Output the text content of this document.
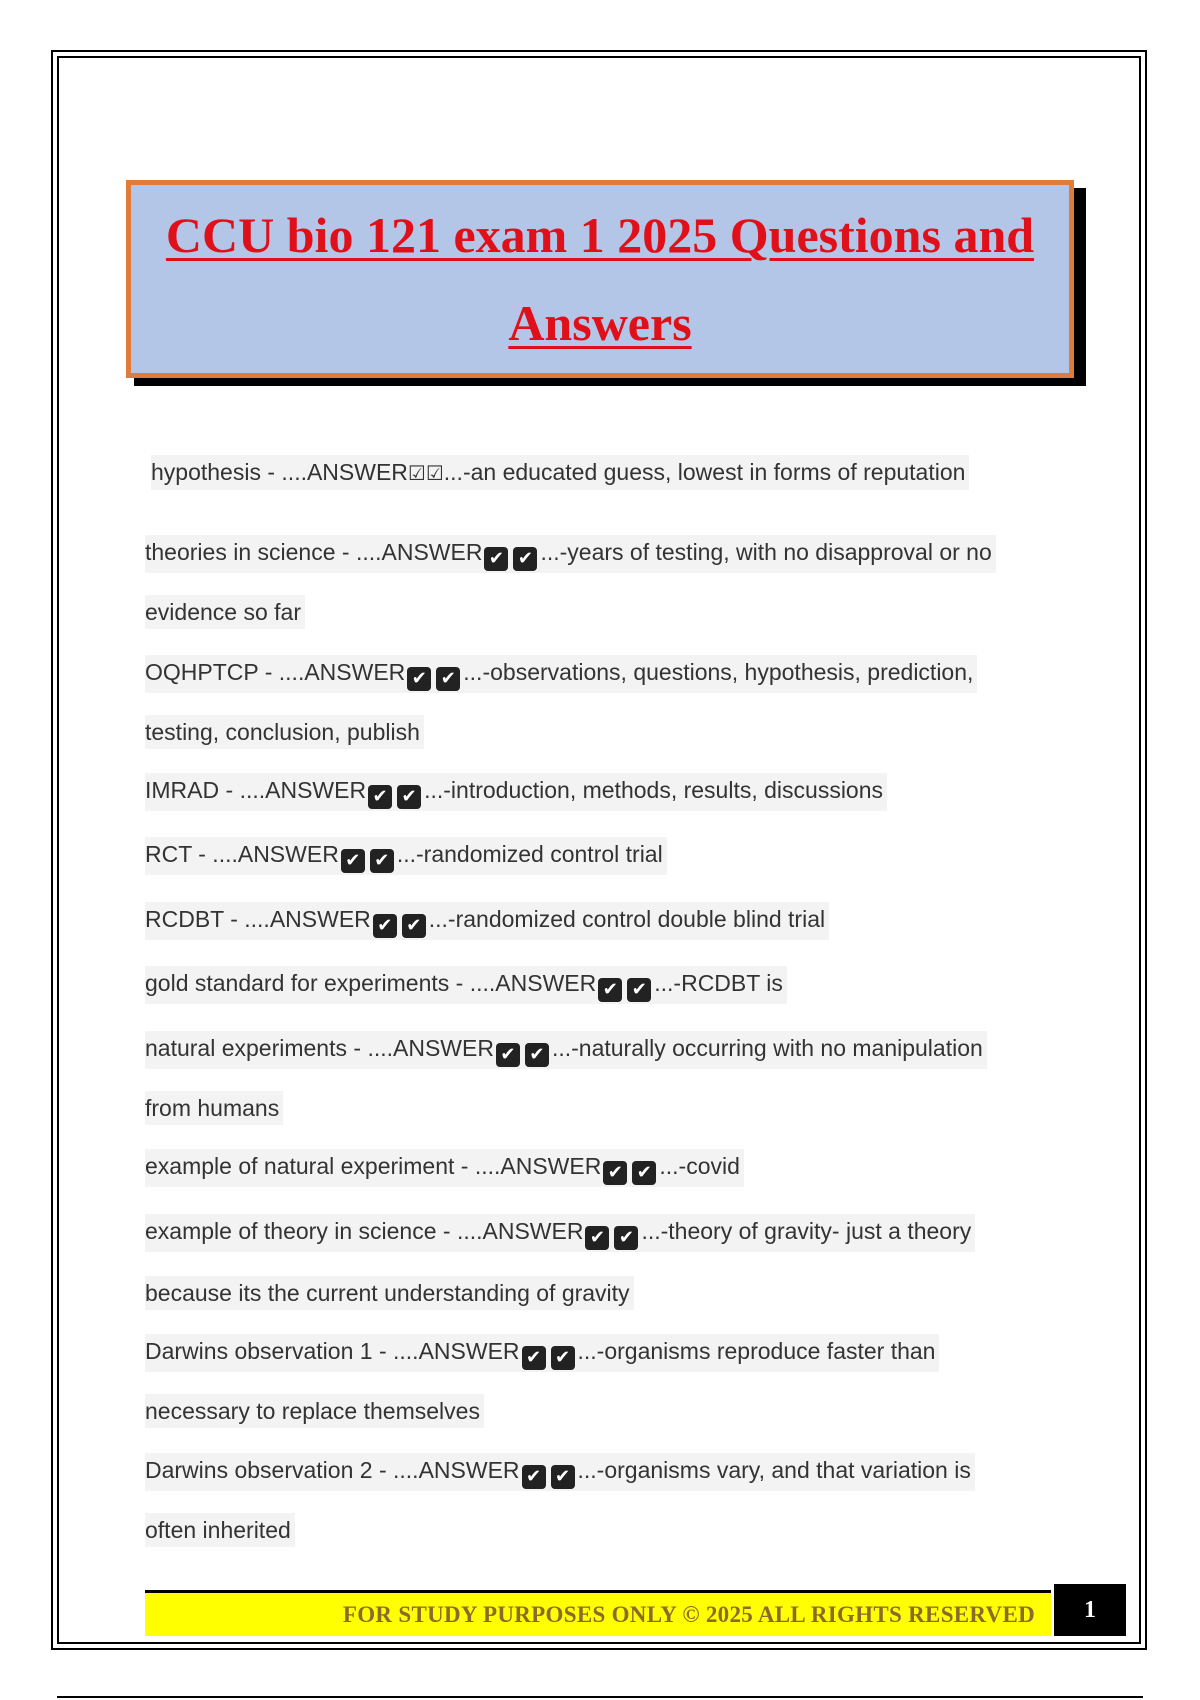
CCU bio 121 exam 1 2025 Questions and
Answers
hypothesis - ....ANSWER☑☑...-an educated guess, lowest in forms of reputation
theories in science - ....ANSWER ✔ ✔ ...-years of testing, with no disapproval or no
evidence so far
OQHPTCP - ....ANSWER ✔ ✔ ...-observations, questions, hypothesis, prediction,
testing, conclusion, publish
IMRAD - ....ANSWER ✔ ✔ ...-introduction, methods, results, discussions
RCT - ....ANSWER ✔ ✔ ...-randomized control trial
RCDBT - ....ANSWER ✔ ✔ ...-randomized control double blind trial
gold standard for experiments - ....ANSWER ✔ ✔ ...-RCDBT is
natural experiments - ....ANSWER ✔ ✔ ...-naturally occurring with no manipulation
from humans
example of natural experiment - ....ANSWER ✔ ✔ ...-covid
example of theory in science - ....ANSWER ✔ ✔ ...-theory of gravity- just a theory
because its the current understanding of gravity
Darwins observation 1 - ....ANSWER ✔ ✔ ...-organisms reproduce faster than
necessary to replace themselves
Darwins observation 2 - ....ANSWER ✔ ✔ ...-organisms vary, and that variation is
often inherited
FOR STUDY PURPOSES ONLY © 2025 ALL RIGHTS RESERVED 1
